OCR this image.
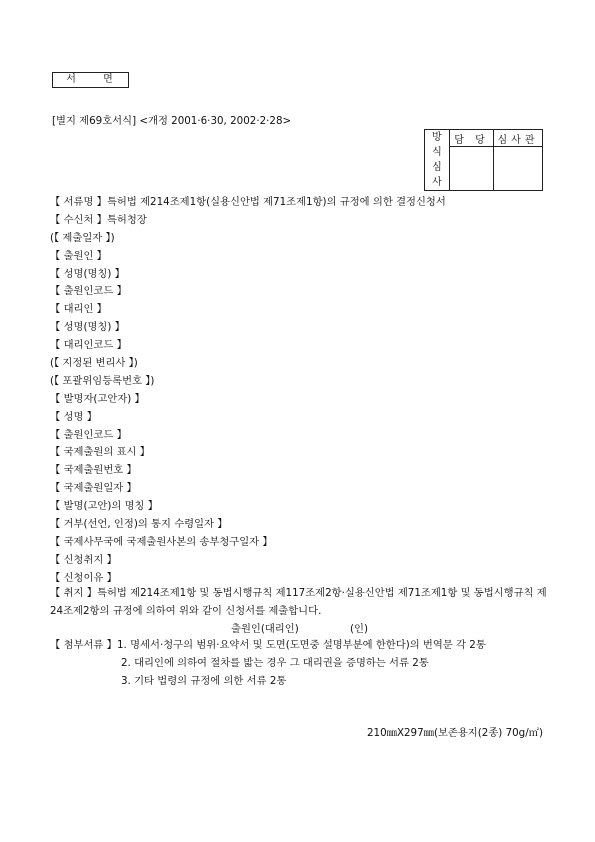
서 면
[별지 제69호서식] <개정 2001·6·30, 2002·2·28>
방
식
심
사	담 당	심사관

【 서류명 】특허법 제214조제1항(실용신안법 제71조제1항)의 규정에 의한 결정신청서
【 수신처 】특허청장
(【 제출일자 】)
【 출원인 】
【 성명(명칭) 】
【 출원인코드 】
【 대리인 】
【 성명(명칭) 】
【 대리인코드 】
(【 지정된 변리사 】)
(【 포괄위임등록번호 】)
【 발명자(고안자) 】
【 성명 】
【 출원인코드 】
【 국제출원의 표시 】
【 국제출원번호 】
【 국제출원일자 】
【 발명(고안)의 명칭 】
【 거부(선언, 인정)의 통지 수령일자 】
【 국제사무국에 국제출원사본의 송부청구일자 】
【 신청취지 】
【 신청이유 】
【 취지 】특허법 제214조제1항 및 동법시행규칙 제117조제2항·실용신안법 제71조제1항 및 동법시행규칙 제24조제2항의 규정에 의하여 위와 같이 신청서를 제출합니다.
출원인(대리인)	(인)
【 첨부서류 】 1. 명세서·청구의 범위·요약서 및 도면(도면중 설명부분에 한한다)의 번역문 각 2통
2. 대리인에 의하여 절차를 밟는 경우 그 대리권을 증명하는 서류 2통
3. 기타 법령의 규정에 의한 서류 2통
210㎜X297㎜(보존용지(2종) 70g/㎡)
